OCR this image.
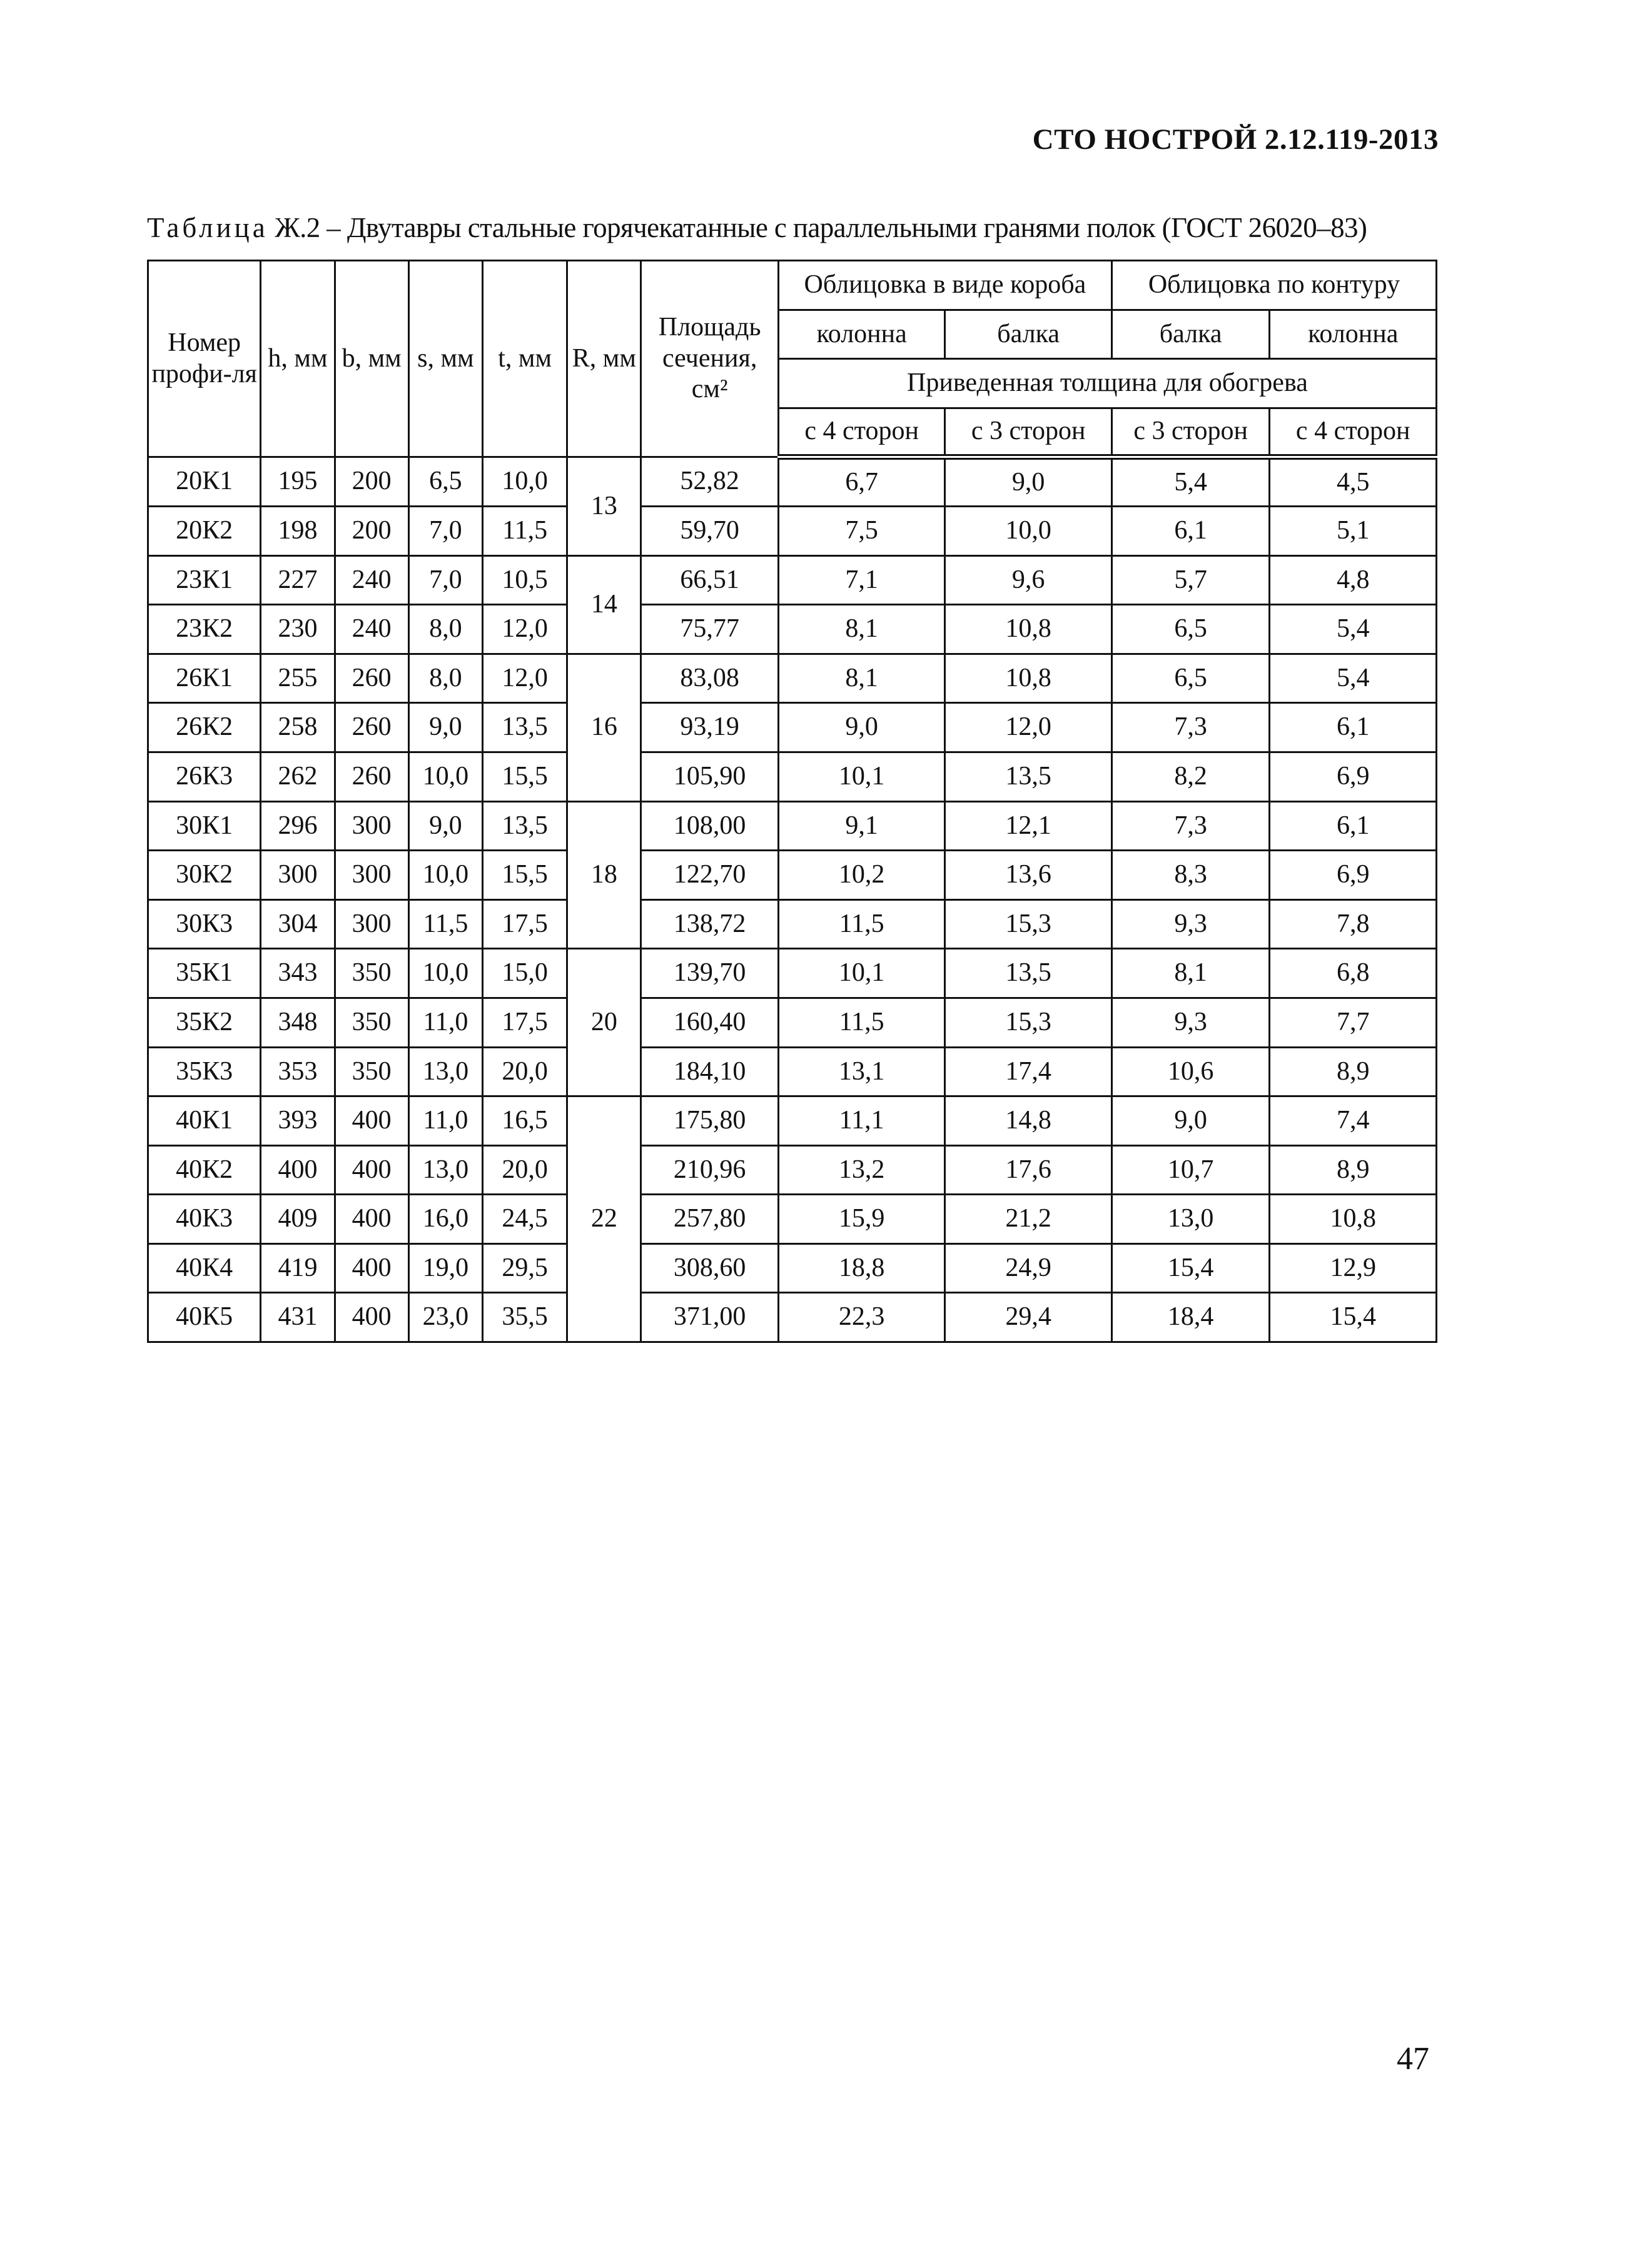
СТО НОСТРОЙ 2.12.119-2013
Таблица Ж.2 – Двутавры стальные горячекатанные с параллельными гранями полок (ГОСТ 26020–83)
Номер профи-ля	h, мм	b, мм	s, мм	t, мм	R, мм	Площадь сечения, см²	Облицовка в виде короба		Облицовка по контуру	
							колонна	балка	балка	колонна
							Приведенная толщина для обогрева			
							с 4 сторон	с 3 сторон	с 3 сторон	с 4 сторон
20К1	195	200	6,5	10,0	13	52,82	6,7	9,0	5,4	4,5
20К2	198	200	7,0	11,5		59,70	7,5	10,0	6,1	5,1
23К1	227	240	7,0	10,5	14	66,51	7,1	9,6	5,7	4,8
23К2	230	240	8,0	12,0		75,77	8,1	10,8	6,5	5,4
26К1	255	260	8,0	12,0	16	83,08	8,1	10,8	6,5	5,4
26К2	258	260	9,0	13,5		93,19	9,0	12,0	7,3	6,1
26К3	262	260	10,0	15,5		105,90	10,1	13,5	8,2	6,9
30К1	296	300	9,0	13,5	18	108,00	9,1	12,1	7,3	6,1
30К2	300	300	10,0	15,5		122,70	10,2	13,6	8,3	6,9
30К3	304	300	11,5	17,5		138,72	11,5	15,3	9,3	7,8
35К1	343	350	10,0	15,0	20	139,70	10,1	13,5	8,1	6,8
35К2	348	350	11,0	17,5		160,40	11,5	15,3	9,3	7,7
35К3	353	350	13,0	20,0		184,10	13,1	17,4	10,6	8,9
40К1	393	400	11,0	16,5	22	175,80	11,1	14,8	9,0	7,4
40К2	400	400	13,0	20,0		210,96	13,2	17,6	10,7	8,9
40К3	409	400	16,0	24,5		257,80	15,9	21,2	13,0	10,8
40К4	419	400	19,0	29,5		308,60	18,8	24,9	15,4	12,9
40К5	431	400	23,0	35,5		371,00	22,3	29,4	18,4	15,4
47
